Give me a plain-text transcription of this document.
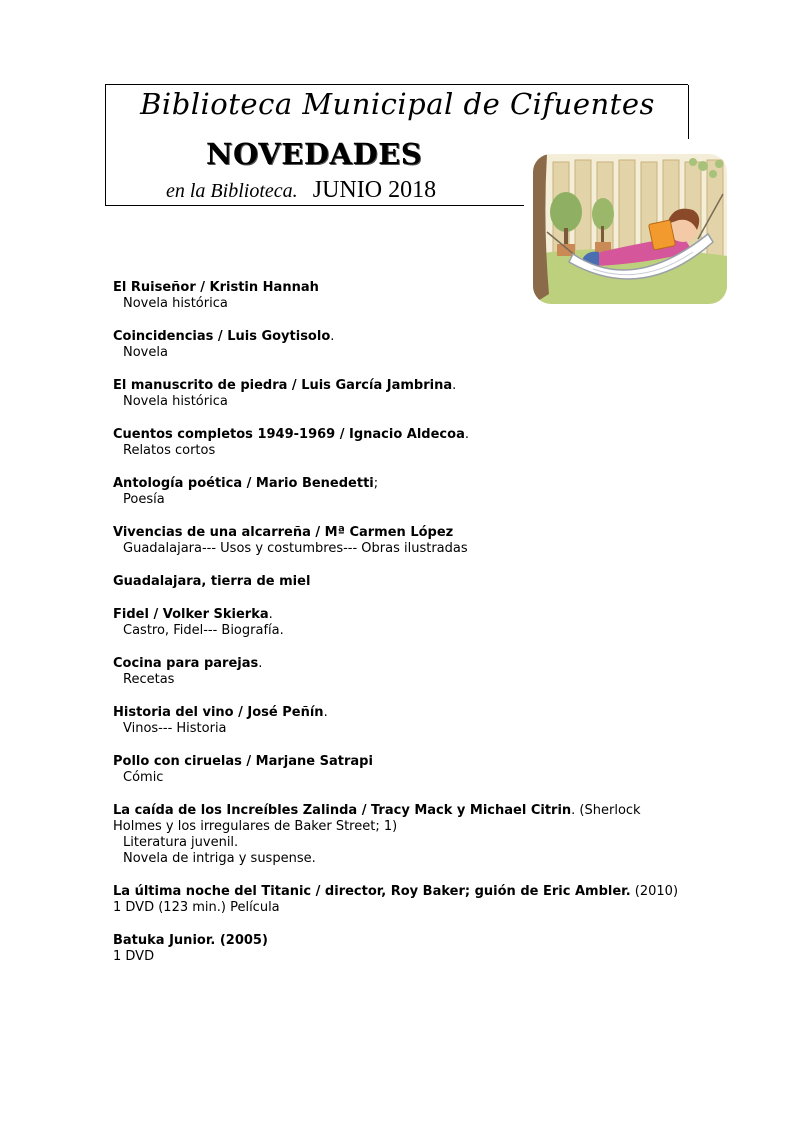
Biblioteca Municipal de Cifuentes
NOVEDADES
en la Biblioteca. JUNIO 2018
El Ruiseñor / Kristin Hannah
Novela histórica
Coincidencias / Luis Goytisolo.
Novela
El manuscrito de piedra / Luis García Jambrina.
Novela histórica
Cuentos completos 1949-1969 / Ignacio Aldecoa.
Relatos cortos
Antología poética / Mario Benedetti;
Poesía
Vivencias de una alcarreña / Mª Carmen López
Guadalajara--- Usos y costumbres--- Obras ilustradas
Guadalajara, tierra de miel
Fidel / Volker Skierka.
Castro, Fidel--- Biografía.
Cocina para parejas.
Recetas
Historia del vino / José Peñín.
Vinos--- Historia
Pollo con ciruelas / Marjane Satrapi
Cómic
La caída de los Increíbles Zalinda / Tracy Mack y Michael Citrin. (Sherlock Holmes y los irregulares de Baker Street; 1)
Literatura juvenil.
Novela de intriga y suspense.
La última noche del Titanic / director, Roy Baker; guión de Eric Ambler. (2010)
1 DVD (123 min.) Película
Batuka Junior. (2005)
1 DVD
